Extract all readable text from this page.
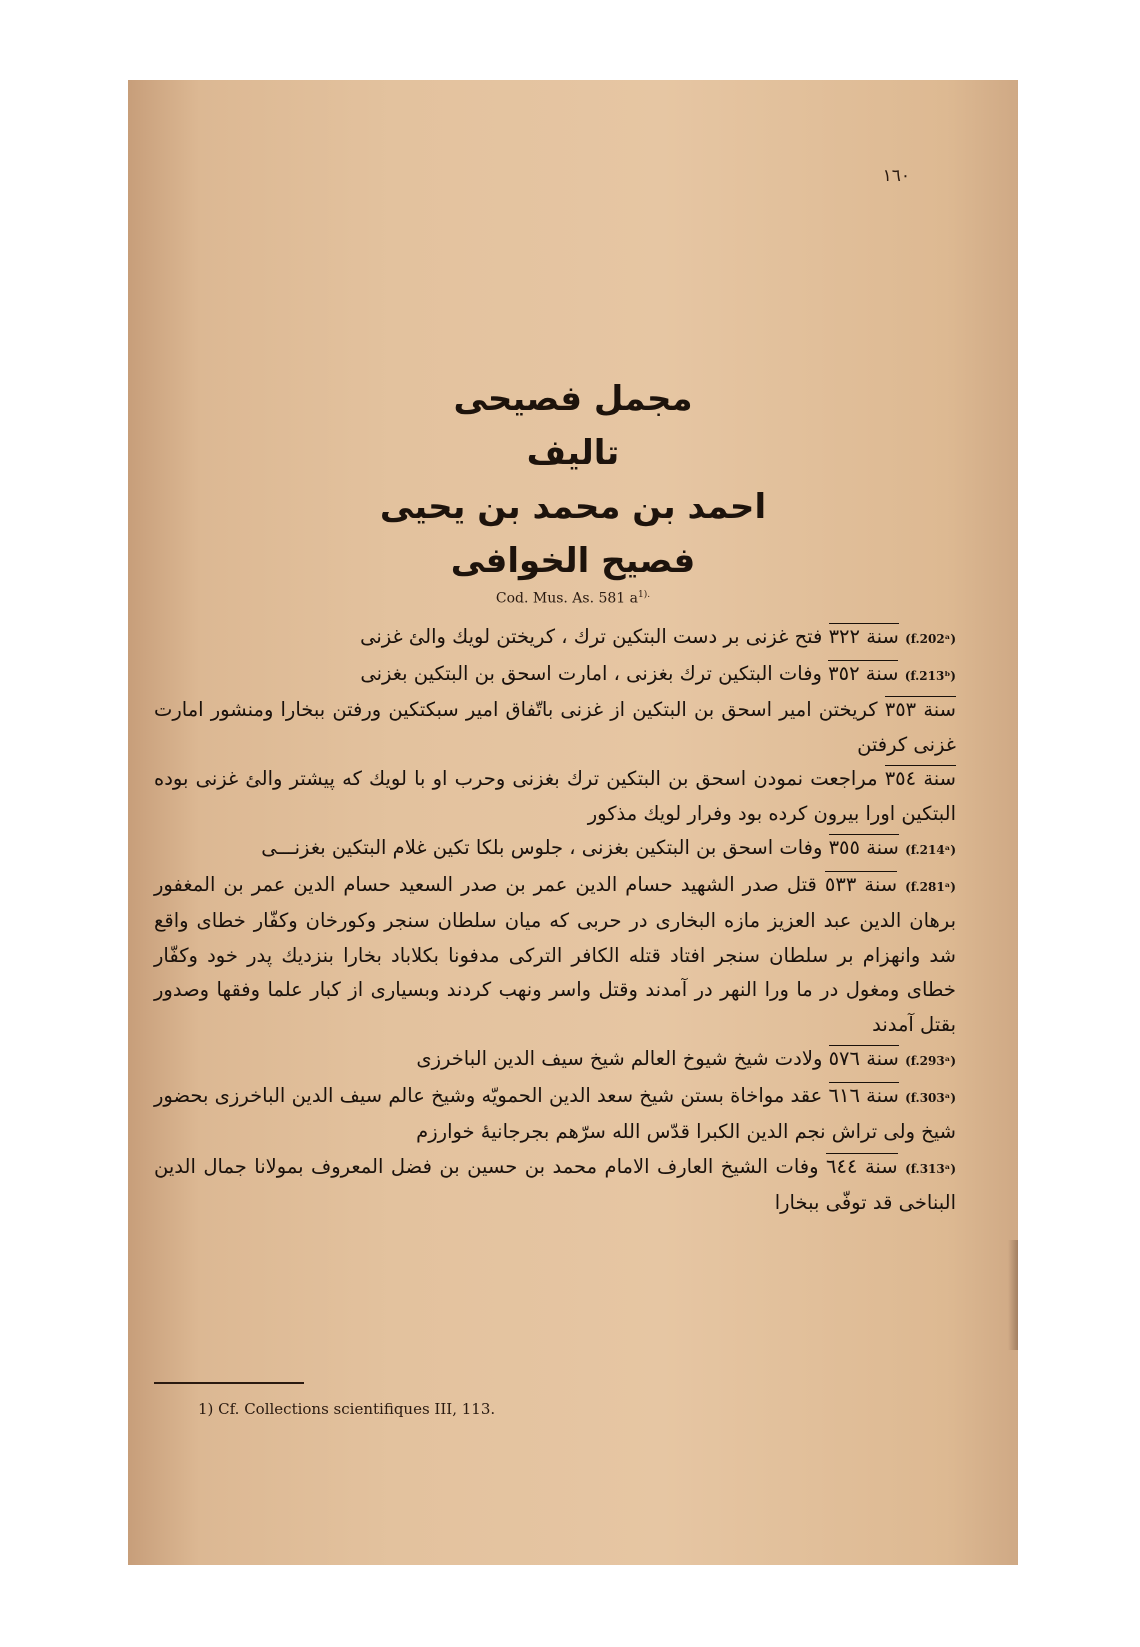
١٦٠
مجمل فصيحى
تاليف
احمد بن محمد بن يحيى
فصيح الخوافى
Cod. Mus. As. 581 $a^{1).}$

(f.202ᵃ) سنة ٣٢٢ فتح غزنى بر دست البتكين ترك ، كريختن لويك والئ غزنى

(f.213ᵇ) سنة ٣٥٢ وفات البتكين ترك بغزنى ، امارت اسحق بن البتكين بغزنى

سنة ٣٥٣ كريختن امير اسحق بن البتكين از غزنى باتّفاق امير سبكتكين ورفتن ببخارا ومنشور امارت غزنى كرفتن

سنة ٣٥٤ مراجعت نمودن اسحق بن البتكين ترك بغزنى وحرب او با لويك كه پيشتر والئ غزنى بوده البتكين اورا بيرون كرده بود وفرار لويك مذكور

(f.214ᵃ) سنة ٣٥٥ وفات اسحق بن البتكين بغزنى ، جلوس بلكا تكين غلام البتكين بغزنـــى

(f.281ᵃ) سنة ٥٣٣ قتل صدر الشهيد حسام الدين عمر بن صدر السعيد حسام الدين عمر بن المغفور برهان الدين عبد العزيز مازه البخارى در حربى كه ميان سلطان سنجر وكورخان وكفّار خطاى واقع شد وانهزام بر سلطان سنجر افتاد قتله الكافر التركى مدفونا بكلاباد بخارا بنزديك پدر خود وكفّار خطاى ومغول در ما ورا النهر در آمدند وقتل واسر ونهب كردند وبسيارى از كبار علما وفقها وصدور بقتل آمدند

(f.293ᵃ) سنة ٥٧٦ ولادت شيخ شيوخ العالم شيخ سيف الدين الباخرزى

(f.303ᵃ) سنة ٦١٦ عقد مواخاة بستن شيخ سعد الدين الحمويّه وشيخ عالم سيف الدين الباخرزى بحضور شيخ ولى تراش نجم الدين الكبرا قدّس الله سرّهم بجرجانيهٔ خوارزم

(f.313ᵃ) سنة ٦٤٤ وفات الشيخ العارف الامام محمد بن حسين بن فضل المعروف بمولانا جمال الدين البناخى قد توفّى ببخارا

1) Cf. Collections scientifiques III, 113.
